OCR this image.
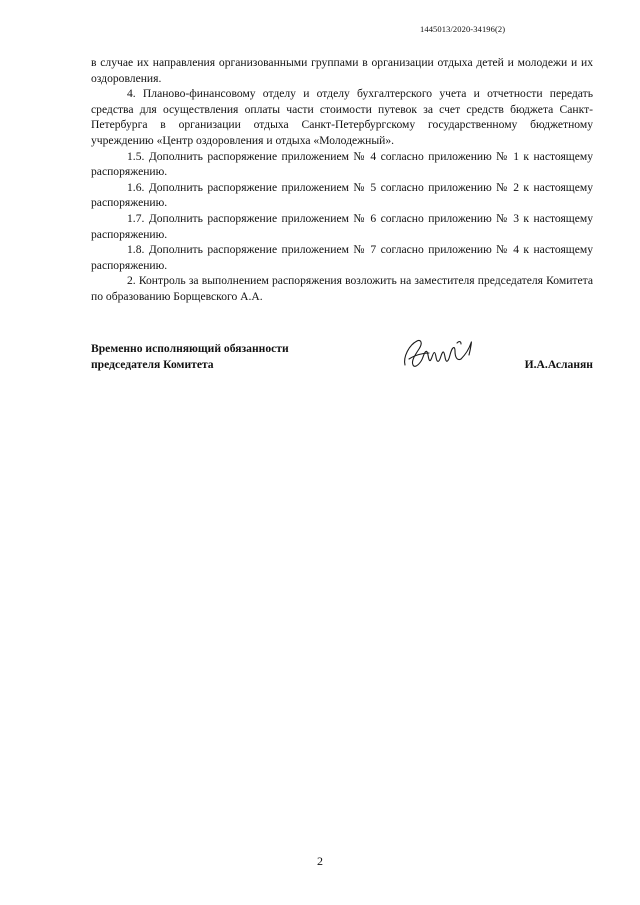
1445013/2020-34196(2)

в случае их направления организованными группами в организации отдыха детей и молодежи и их оздоровления.

4. Планово-финансовому отделу и отделу бухгалтерского учета и отчетности передать средства для осуществления оплаты части стоимости путевок за счет средств бюджета Санкт-Петербурга в организации отдыха Санкт-Петербургскому государственному бюджетному учреждению «Центр оздоровления и отдыха «Молодежный».

1.5. Дополнить распоряжение приложением № 4 согласно приложению № 1 к настоящему распоряжению.

1.6. Дополнить распоряжение приложением № 5 согласно приложению № 2 к настоящему распоряжению.

1.7. Дополнить распоряжение приложением № 6 согласно приложению № 3 к настоящему распоряжению.

1.8. Дополнить распоряжение приложением № 7 согласно приложению № 4 к настоящему распоряжению.

2. Контроль за выполнением распоряжения возложить на заместителя председателя Комитета по образованию Борщевского А.А.

Временно исполняющий обязанности
председателя Комитета	И.А.Асланян
2
